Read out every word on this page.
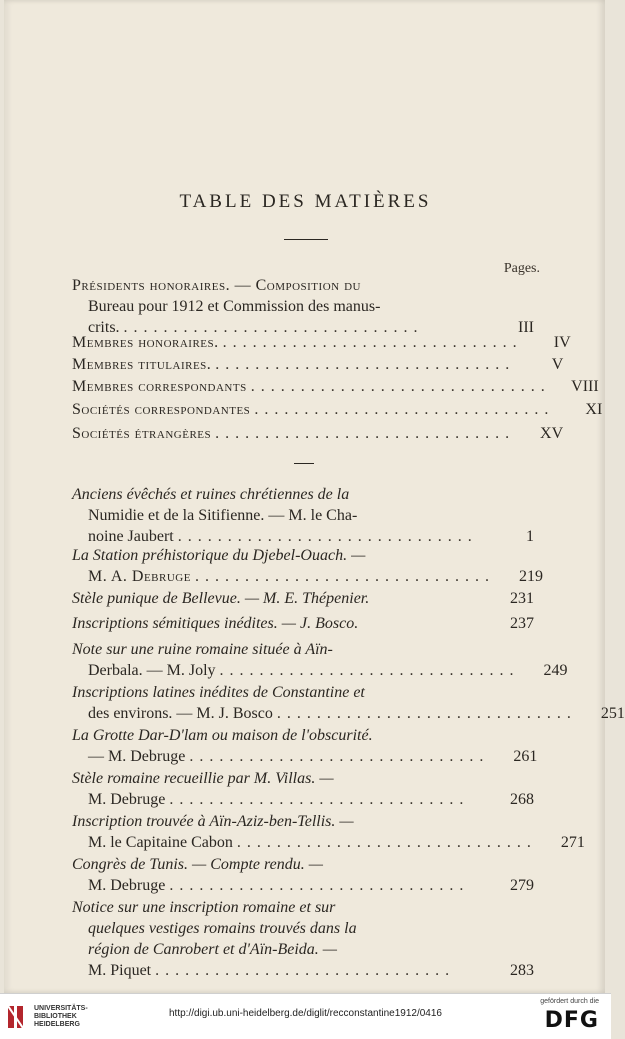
TABLE DES MATIÈRES
Pages.
Présidents honoraires. — Composition du
Bureau pour 1912 et Commission des manus-
crits. ..............................	III
Membres honoraires. ..............................	IV
Membres titulaires. ..............................	V
Membres correspondants ..............................	VIII
Sociétés correspondantes ..............................	XI
Sociétés étrangères ..............................	XV
Anciens évêchés et ruines chrétiennes de la
Numidie et de la Sitifienne. — M. le Cha-
noine Jaubert ..............................	1
La Station préhistorique du Djebel-Ouach. —
M. A. Debruge ..............................	219
Stèle punique de Bellevue. — M. E. Thépenier.	231
Inscriptions sémitiques inédites. — J. Bosco.	237
Note sur une ruine romaine située à Aïn-
Derbala. — M. Joly ..............................	249
Inscriptions latines inédites de Constantine et
des environs. — M. J. Bosco ..............................	251
La Grotte Dar-D'lam ou maison de l'obscurité.
— M. Debruge ..............................	261
Stèle romaine recueillie par M. Villas. —
M. Debruge ..............................	268
Inscription trouvée à Aïn-Aziz-ben-Tellis. —
M. le Capitaine Cabon ..............................	271
Congrès de Tunis. — Compte rendu. —
M. Debruge ..............................	279
Notice sur une inscription romaine et sur
quelques vestiges romains trouvés dans la
région de Canrobert et d'Aïn-Beida. —
M. Piquet ..............................	283
UNIVERSITÄTS-
BIBLIOTHEK
HEIDELBERG
http://digi.ub.uni-heidelberg.de/diglit/recconstantine1912/0416
gefördert durch die
DFG
